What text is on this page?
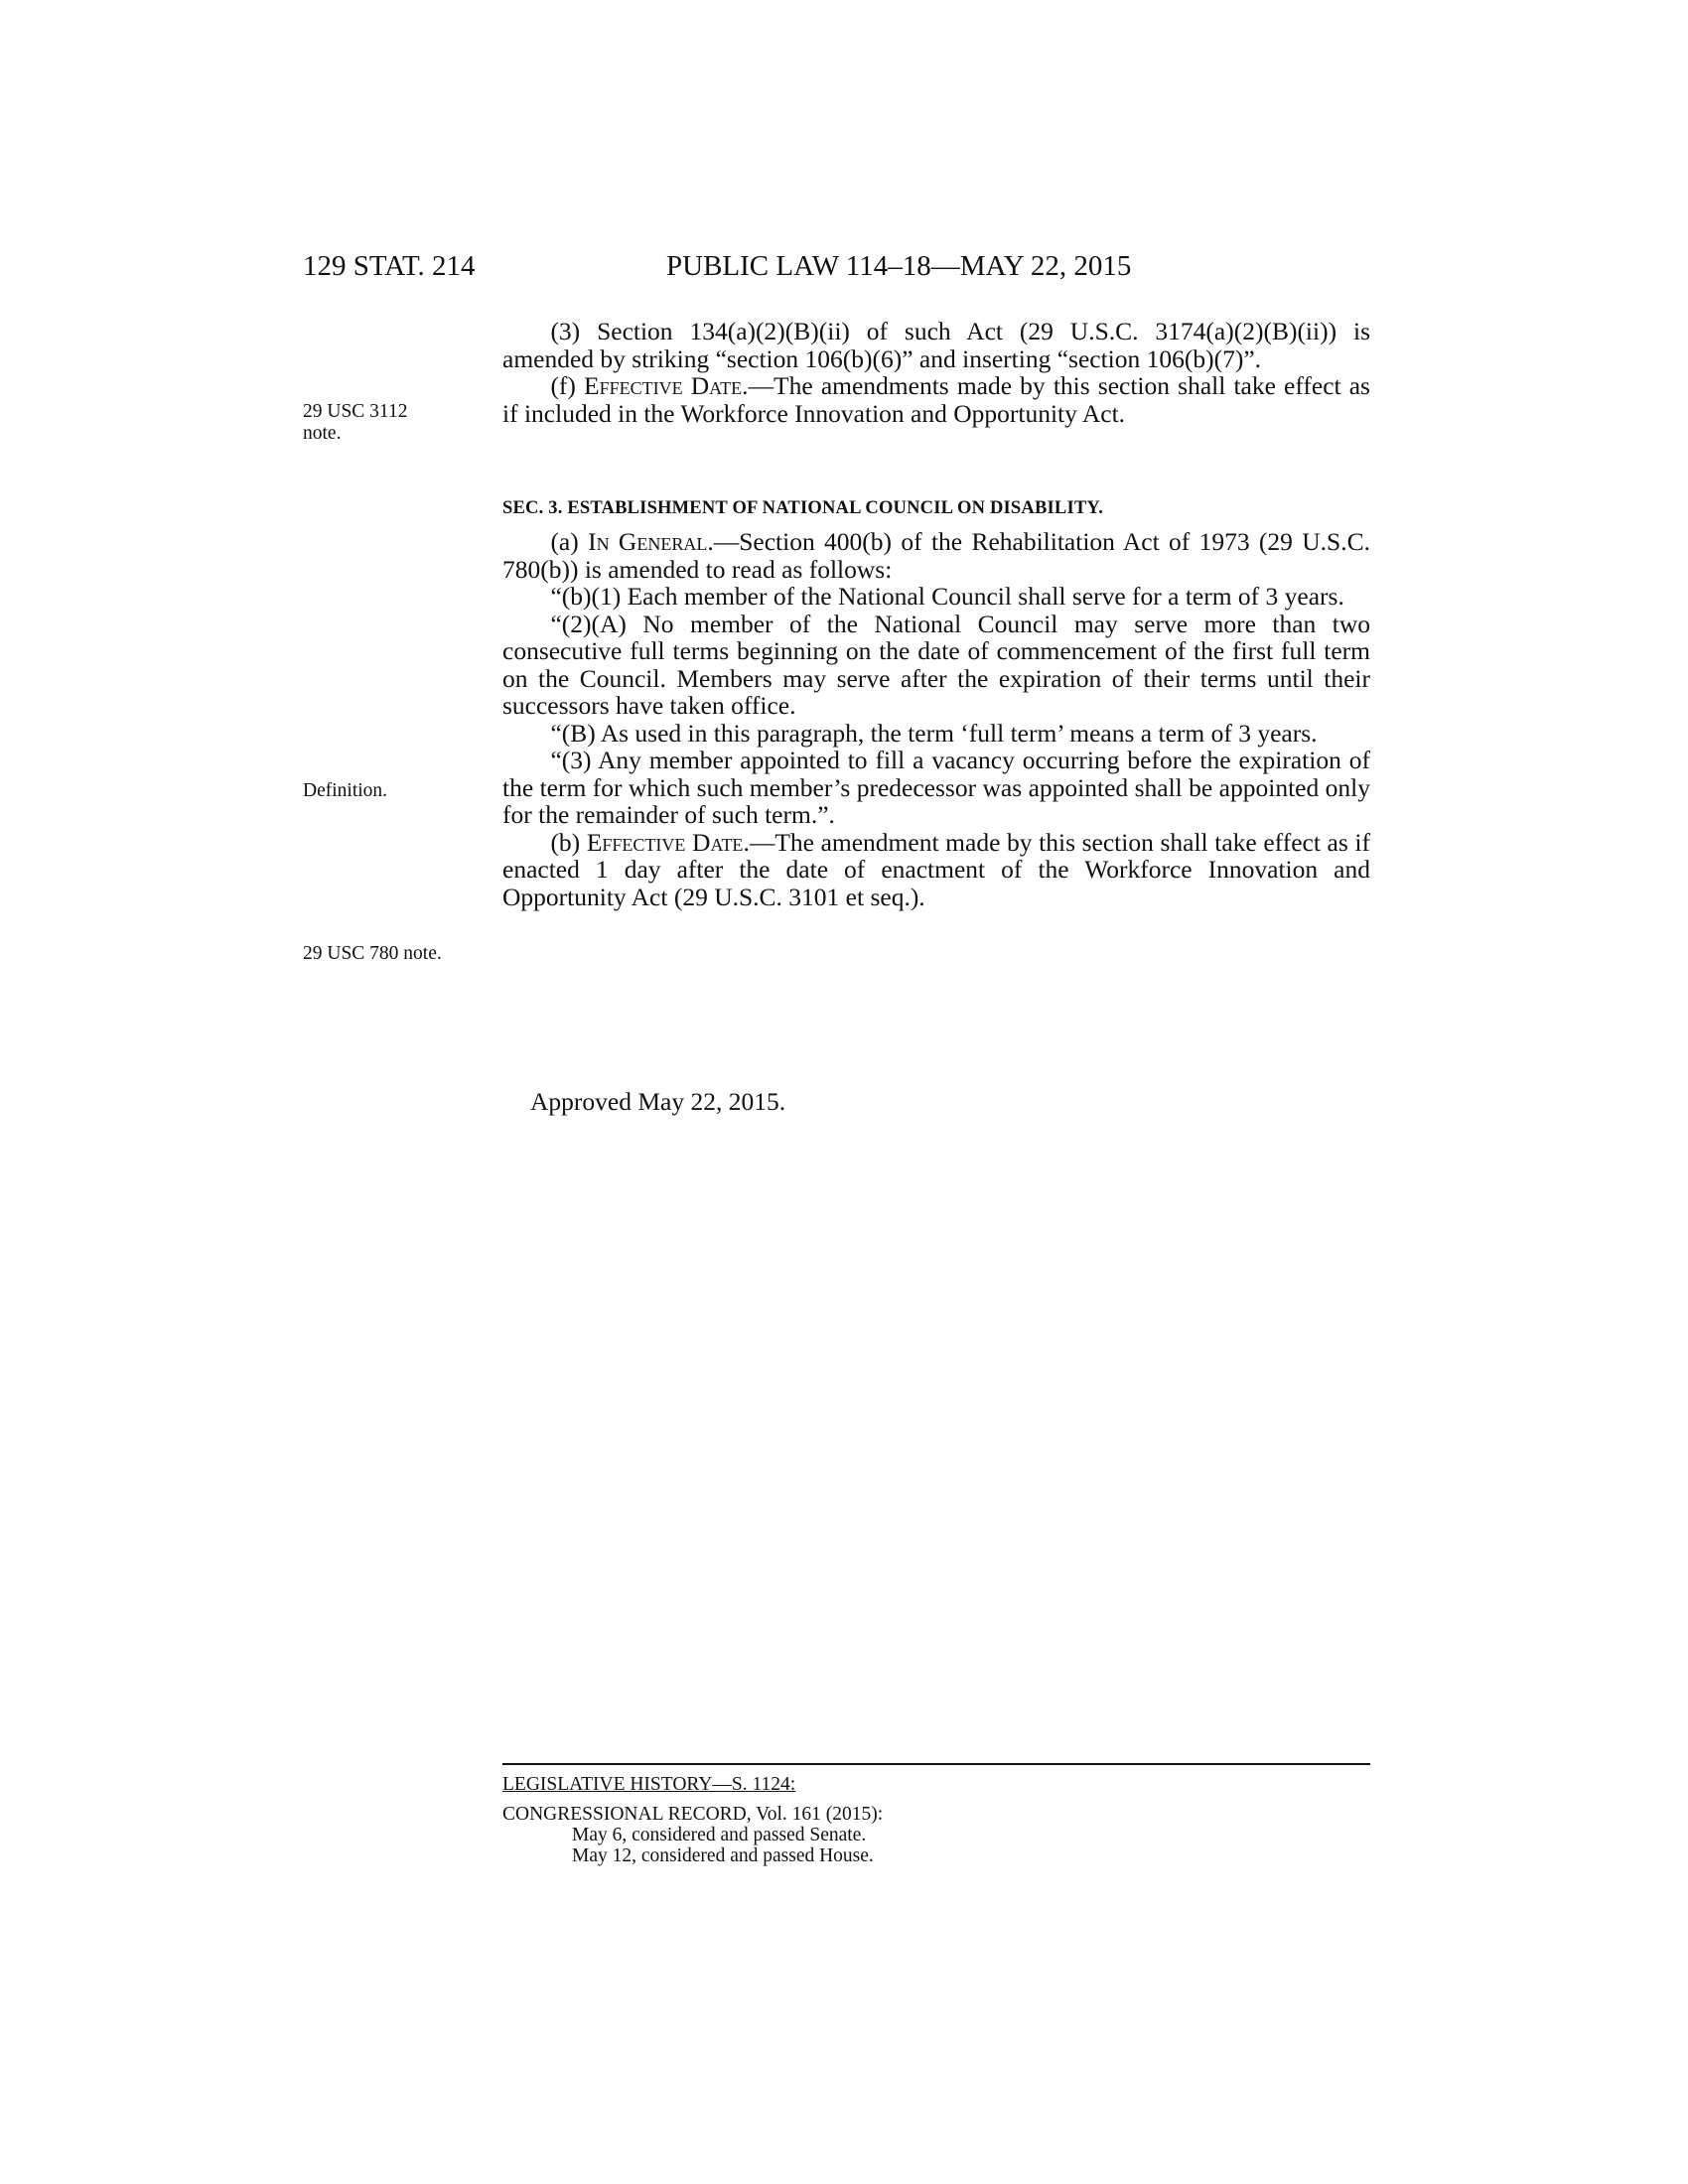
129 STAT. 214	PUBLIC LAW 114–18—MAY 22, 2015
29 USC 3112
note.
Definition.
29 USC 780 note.

(3) Section 134(a)(2)(B)(ii) of such Act (29 U.S.C. 3174(a)(2)(B)(ii)) is amended by striking “section 106(b)(6)” and inserting “section 106(b)(7)”.

(f) Effective Date.—The amendments made by this section shall take effect as if included in the Workforce Innovation and Opportunity Act.

SEC. 3. ESTABLISHMENT OF NATIONAL COUNCIL ON DISABILITY.

(a) In General.—Section 400(b) of the Rehabilitation Act of 1973 (29 U.S.C. 780(b)) is amended to read as follows:

“(b)(1) Each member of the National Council shall serve for a term of 3 years.

“(2)(A) No member of the National Council may serve more than two consecutive full terms beginning on the date of commencement of the first full term on the Council. Members may serve after the expiration of their terms until their successors have taken office.

“(B) As used in this paragraph, the term ‘full term’ means a term of 3 years.

“(3) Any member appointed to fill a vacancy occurring before the expiration of the term for which such member’s predecessor was appointed shall be appointed only for the remainder of such term.”.

(b) Effective Date.—The amendment made by this section shall take effect as if enacted 1 day after the date of enactment of the Workforce Innovation and Opportunity Act (29 U.S.C. 3101 et seq.).

Approved May 22, 2015.
LEGISLATIVE HISTORY—S. 1124:
CONGRESSIONAL RECORD, Vol. 161 (2015):
May 6, considered and passed Senate.
May 12, considered and passed House.
